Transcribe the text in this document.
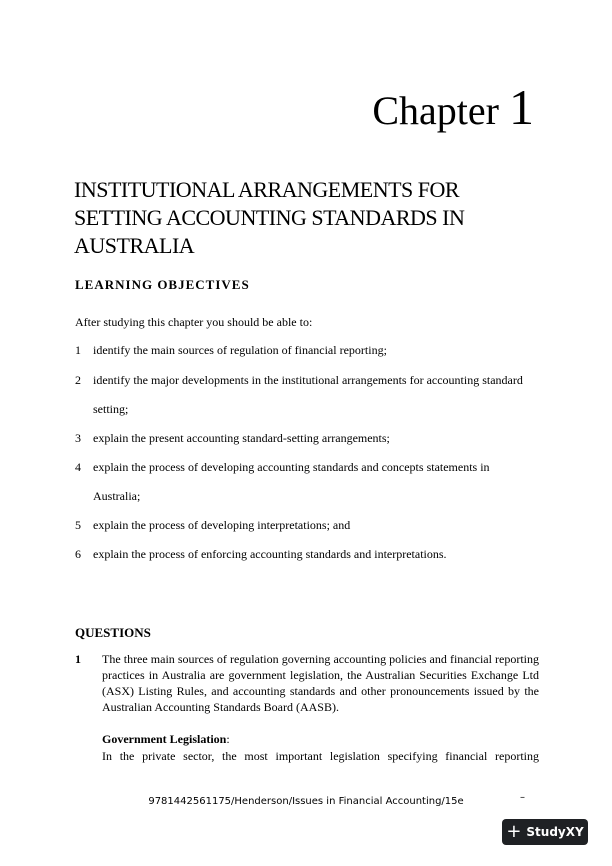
Chapter 1
INSTITUTIONAL ARRANGEMENTS FOR SETTING ACCOUNTING STANDARDS IN AUSTRALIA
LEARNING OBJECTIVES
After studying this chapter you should be able to:
1 identify the main sources of regulation of financial reporting;
2 identify the major developments in the institutional arrangements for accounting standard setting;
3 explain the present accounting standard-setting arrangements;
4 explain the process of developing accounting standards and concepts statements in Australia;
5 explain the process of developing interpretations; and
6 explain the process of enforcing accounting standards and interpretations.
QUESTIONS
1 The three main sources of regulation governing accounting policies and financial reporting practices in Australia are government legislation, the Australian Securities Exchange Ltd (ASX) Listing Rules, and accounting standards and other pronouncements issued by the Australian Accounting Standards Board (AASB).
Government Legislation:
In the private sector, the most important legislation specifying financial reporting
–
9781442561175/Henderson/Issues in Financial Accounting/15e
+ StudyXY
